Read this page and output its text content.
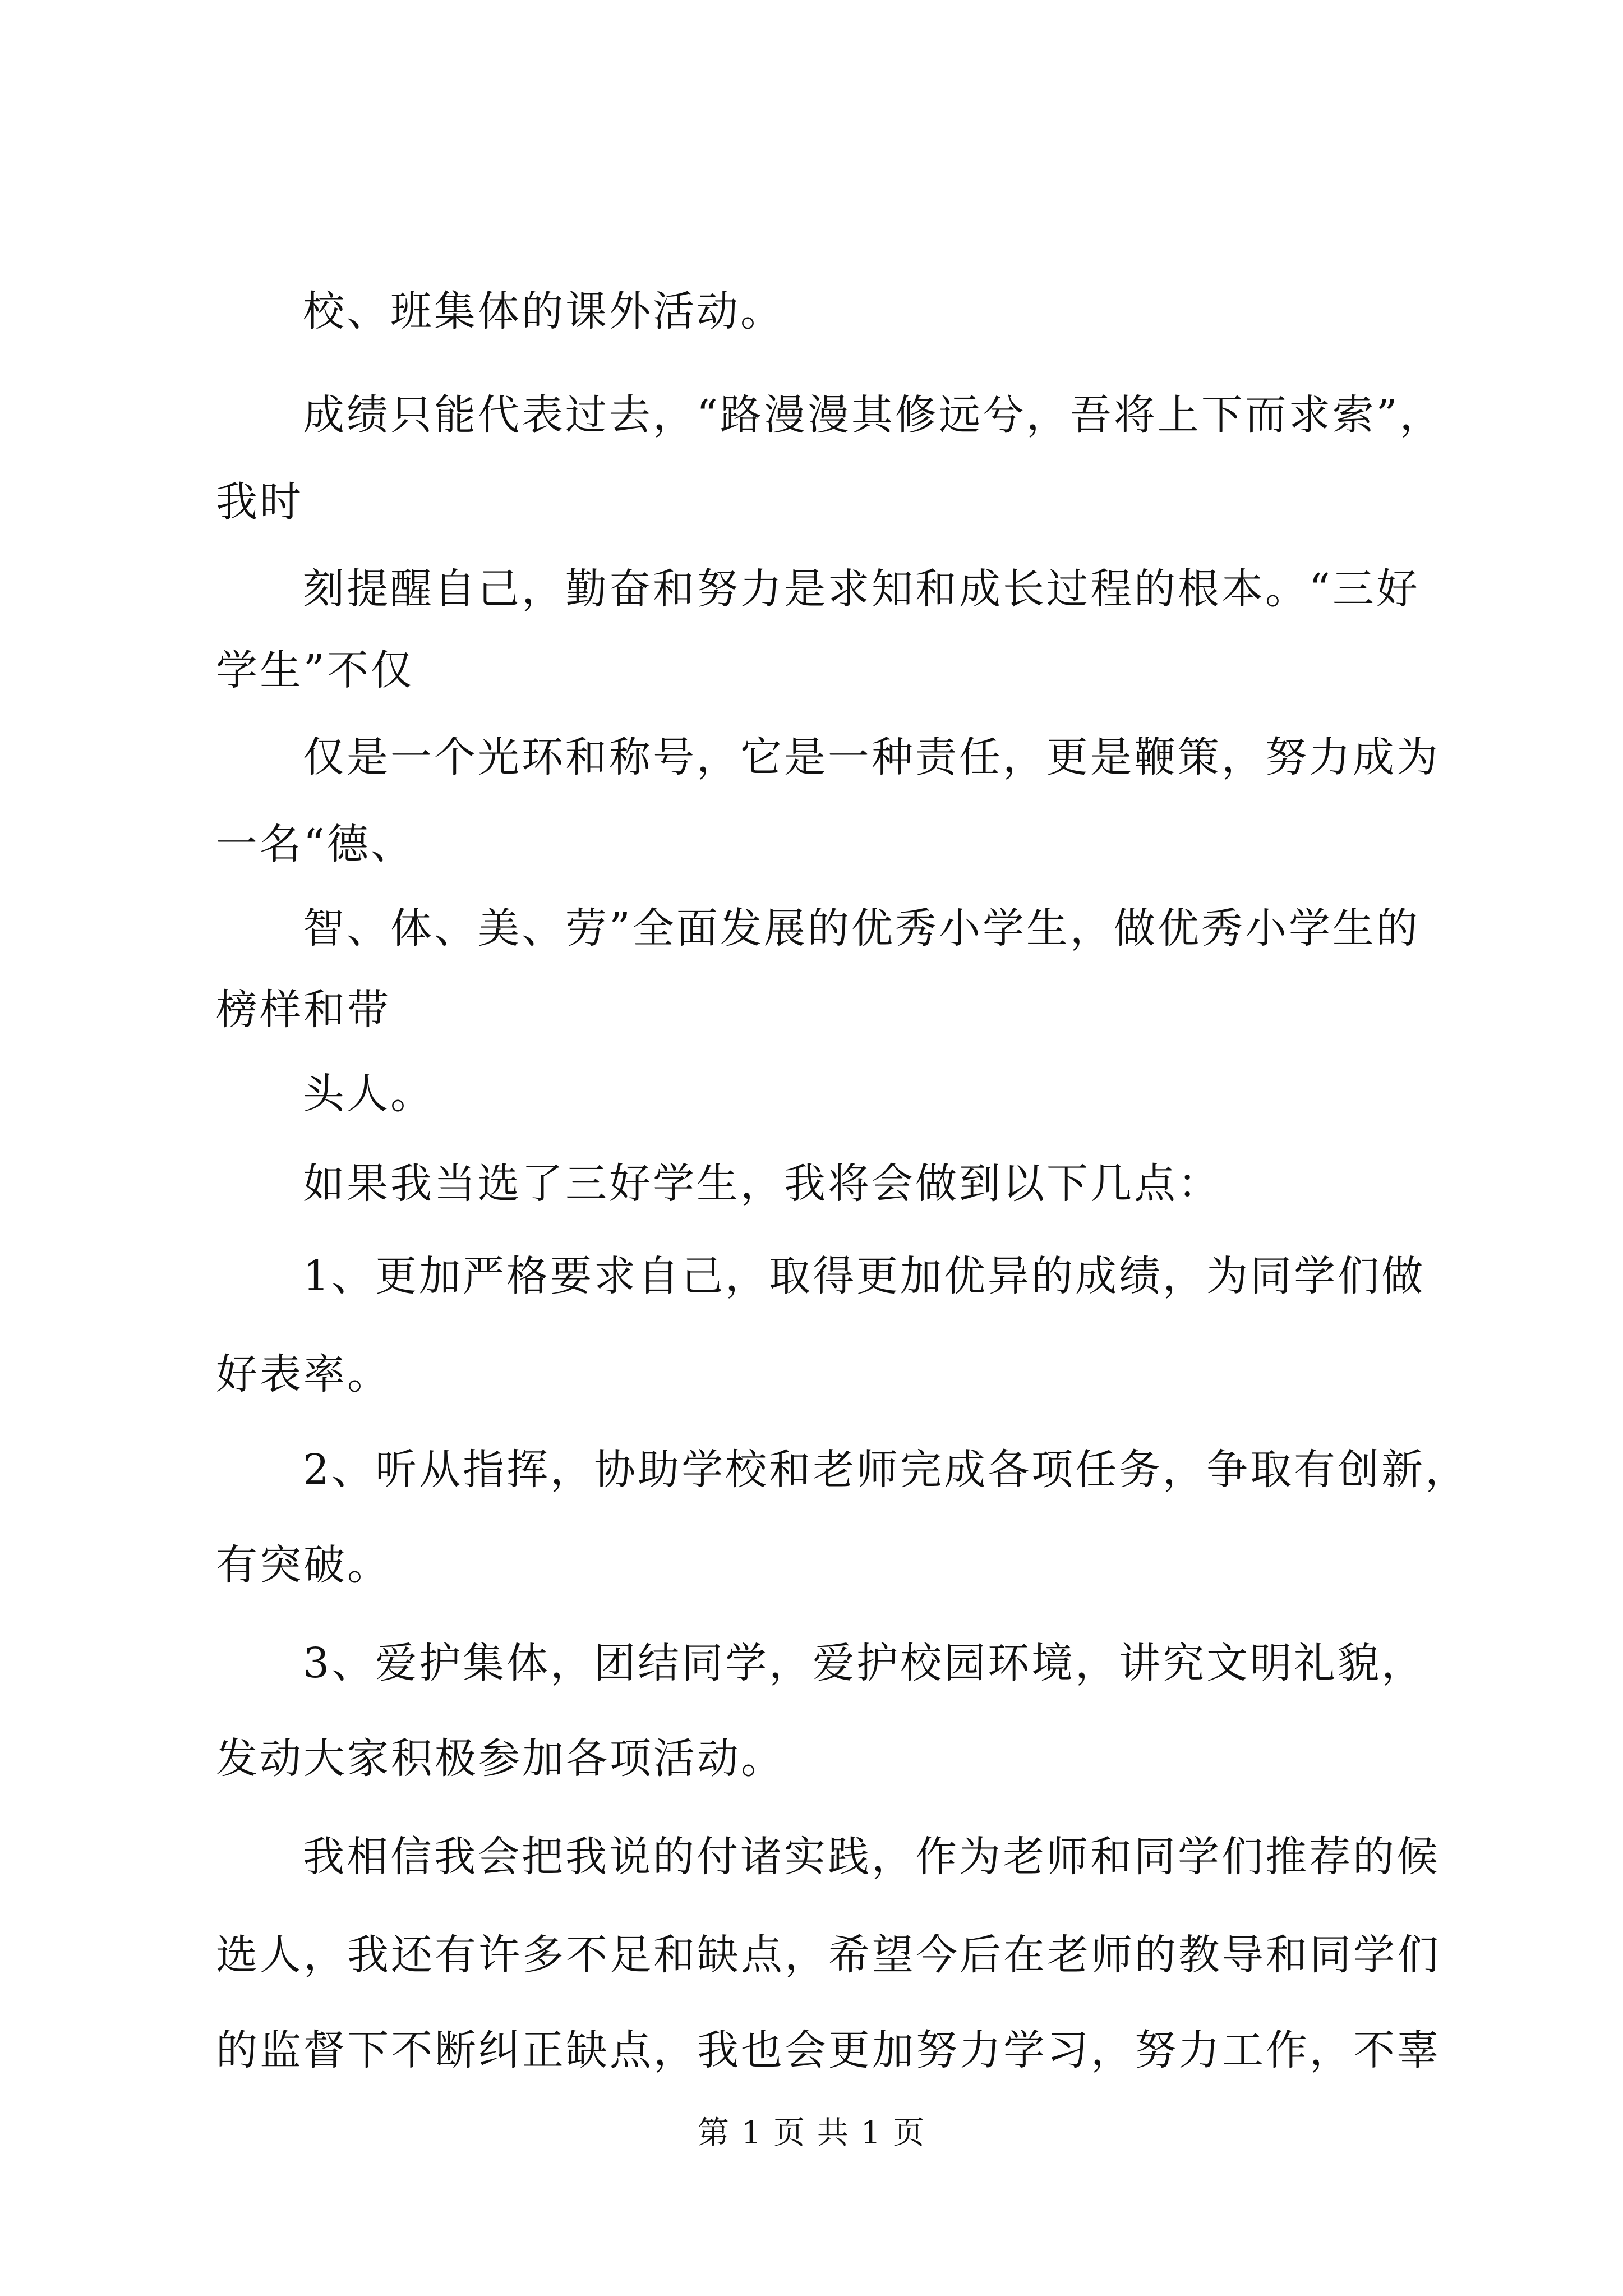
校、班集体的课外活动。
成绩只能代表过去，“路漫漫其修远兮，吾将上下而求索”，
我时
刻提醒自己，勤奋和努力是求知和成长过程的根本。“三好
学生”不仅
仅是一个光环和称号，它是一种责任，更是鞭策，努力成为
一名“德、
智、体、美、劳”全面发展的优秀小学生，做优秀小学生的
榜样和带
头人。
如果我当选了三好学生，我将会做到以下几点：
1、更加严格要求自己，取得更加优异的成绩，为同学们做
好表率。
2、听从指挥，协助学校和老师完成各项任务，争取有创新，
有突破。
3、爱护集体，团结同学，爱护校园环境，讲究文明礼貌，
发动大家积极参加各项活动。
我相信我会把我说的付诸实践，作为老师和同学们推荐的候
选人，我还有许多不足和缺点，希望今后在老师的教导和同学们
的监督下不断纠正缺点，我也会更加努力学习，努力工作，不辜
第 1 页 共 1 页
